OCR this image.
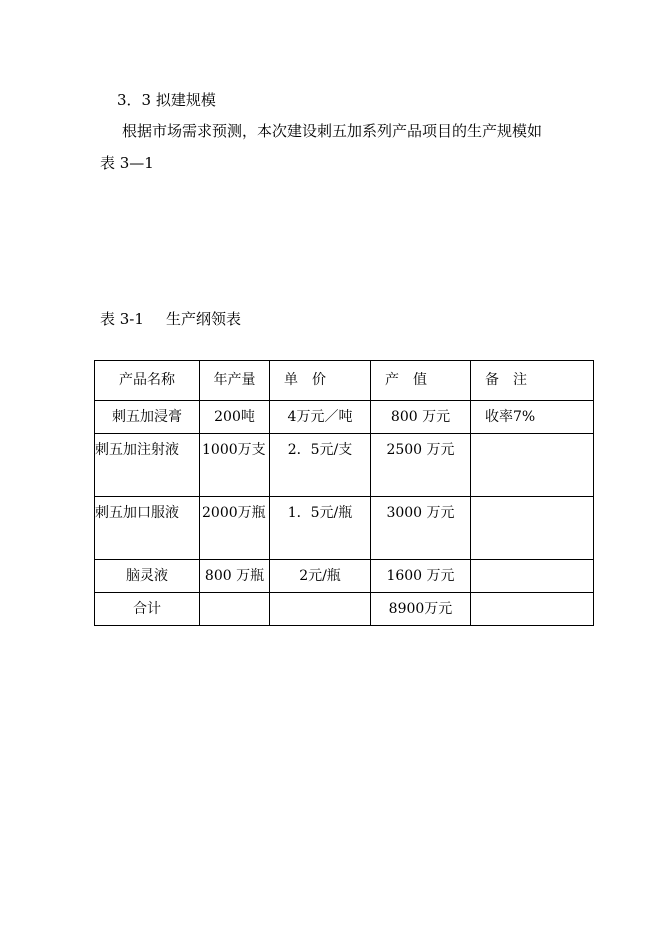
3．3 拟建规模
根据市场需求预测，本次建设刺五加系列产品项目的生产规模如
表 3—1
表 3-1 生产纲领表
产品名称	年产量	单　价	产　值	备　注
刺五加浸膏	200吨	4万元／吨	800 万元	收率7%
刺五加注射液	1000万支	2．5元/支	2500 万元	
刺五加口服液	2000万瓶	1．5元/瓶	3000 万元	
脑灵液	800 万瓶	2元/瓶	1600 万元	
合计			8900万元	
